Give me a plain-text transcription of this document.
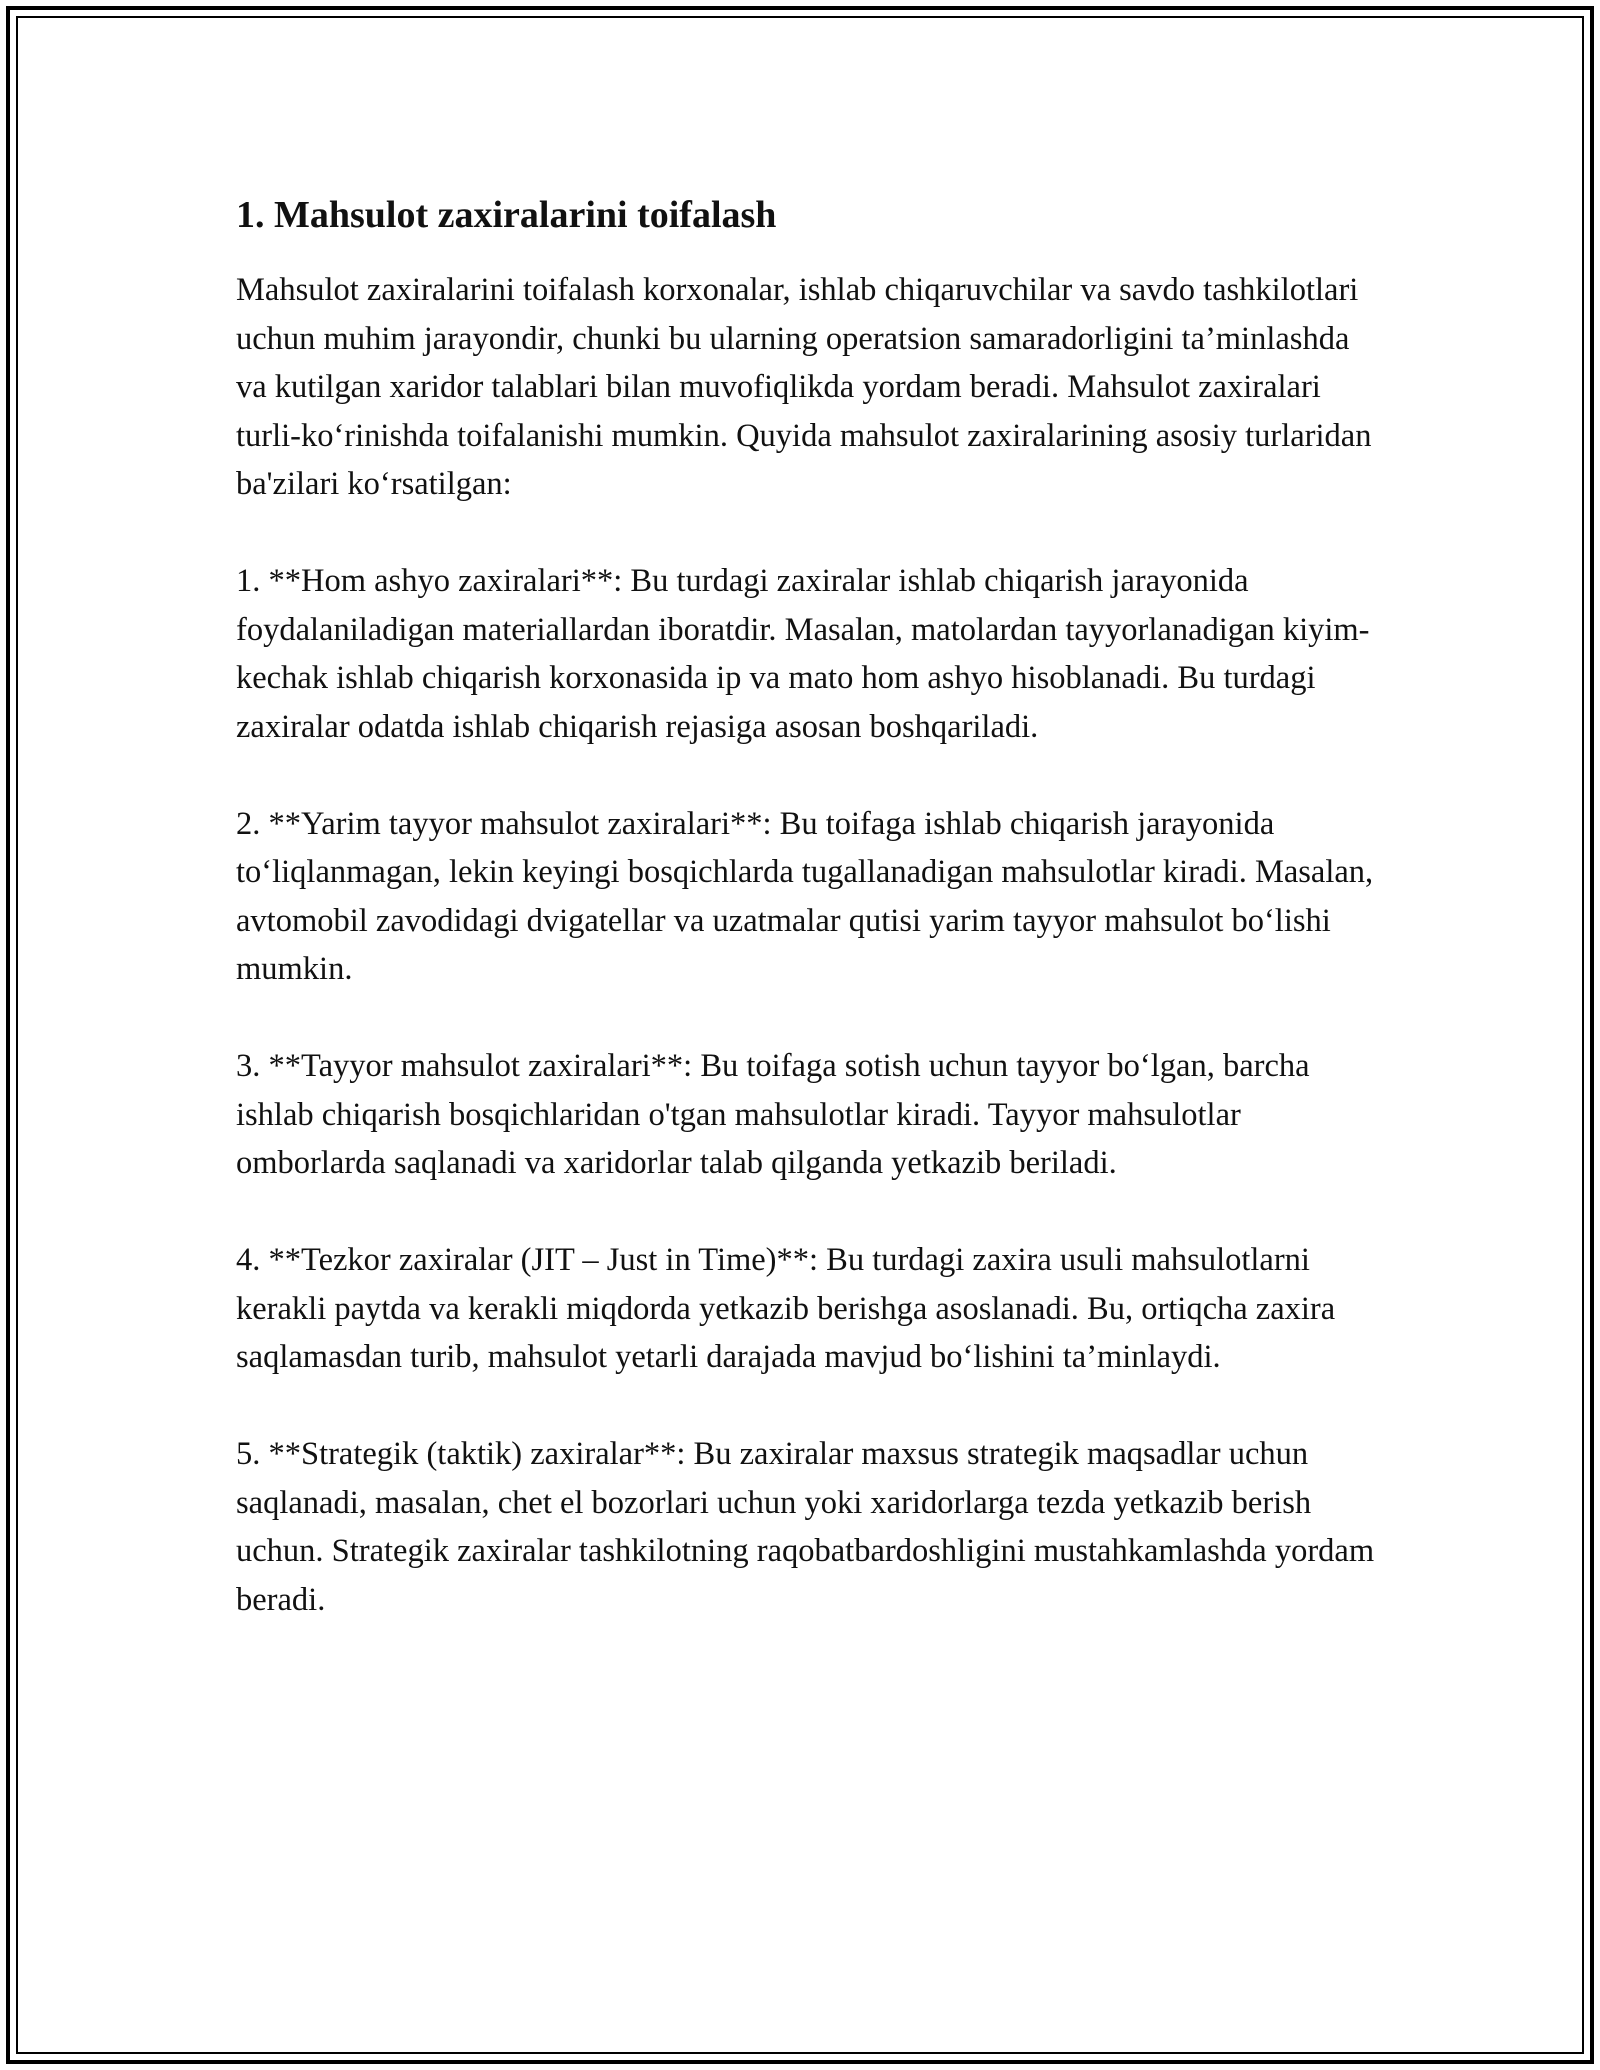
1. Mahsulot zaxiralarini toifalash

Mahsulot zaxiralarini toifalash korxonalar, ishlab chiqaruvchilar va savdo tashkilotlari uchun muhim jarayondir, chunki bu ularning operatsion samaradorligini ta’minlashda va kutilgan xaridor talablari bilan muvofiqlikda yordam beradi. Mahsulot zaxiralari turli-ko‘rinishda toifalanishi mumkin. Quyida mahsulot zaxiralarining asosiy turlaridan ba'zilari ko‘rsatilgan:

1. **Hom ashyo zaxiralari**: Bu turdagi zaxiralar ishlab chiqarish jarayonida foydalaniladigan materiallardan iboratdir. Masalan, matolardan tayyorlanadigan kiyim-kechak ishlab chiqarish korxonasida ip va mato hom ashyo hisoblanadi. Bu turdagi zaxiralar odatda ishlab chiqarish rejasiga asosan boshqariladi.

2. **Yarim tayyor mahsulot zaxiralari**: Bu toifaga ishlab chiqarish jarayonida to‘liqlanmagan, lekin keyingi bosqichlarda tugallanadigan mahsulotlar kiradi. Masalan, avtomobil zavodidagi dvigatellar va uzatmalar qutisi yarim tayyor mahsulot bo‘lishi mumkin.

3. **Tayyor mahsulot zaxiralari**: Bu toifaga sotish uchun tayyor bo‘lgan, barcha ishlab chiqarish bosqichlaridan o'tgan mahsulotlar kiradi. Tayyor mahsulotlar omborlarda saqlanadi va xaridorlar talab qilganda yetkazib beriladi.

4. **Tezkor zaxiralar (JIT – Just in Time)**: Bu turdagi zaxira usuli mahsulotlarni kerakli paytda va kerakli miqdorda yetkazib berishga asoslanadi. Bu, ortiqcha zaxira saqlamasdan turib, mahsulot yetarli darajada mavjud bo‘lishini ta’minlaydi.

5. **Strategik (taktik) zaxiralar**: Bu zaxiralar maxsus strategik maqsadlar uchun saqlanadi, masalan, chet el bozorlari uchun yoki xaridorlarga tezda yetkazib berish uchun. Strategik zaxiralar tashkilotning raqobatbardoshligini mustahkamlashda yordam beradi.
